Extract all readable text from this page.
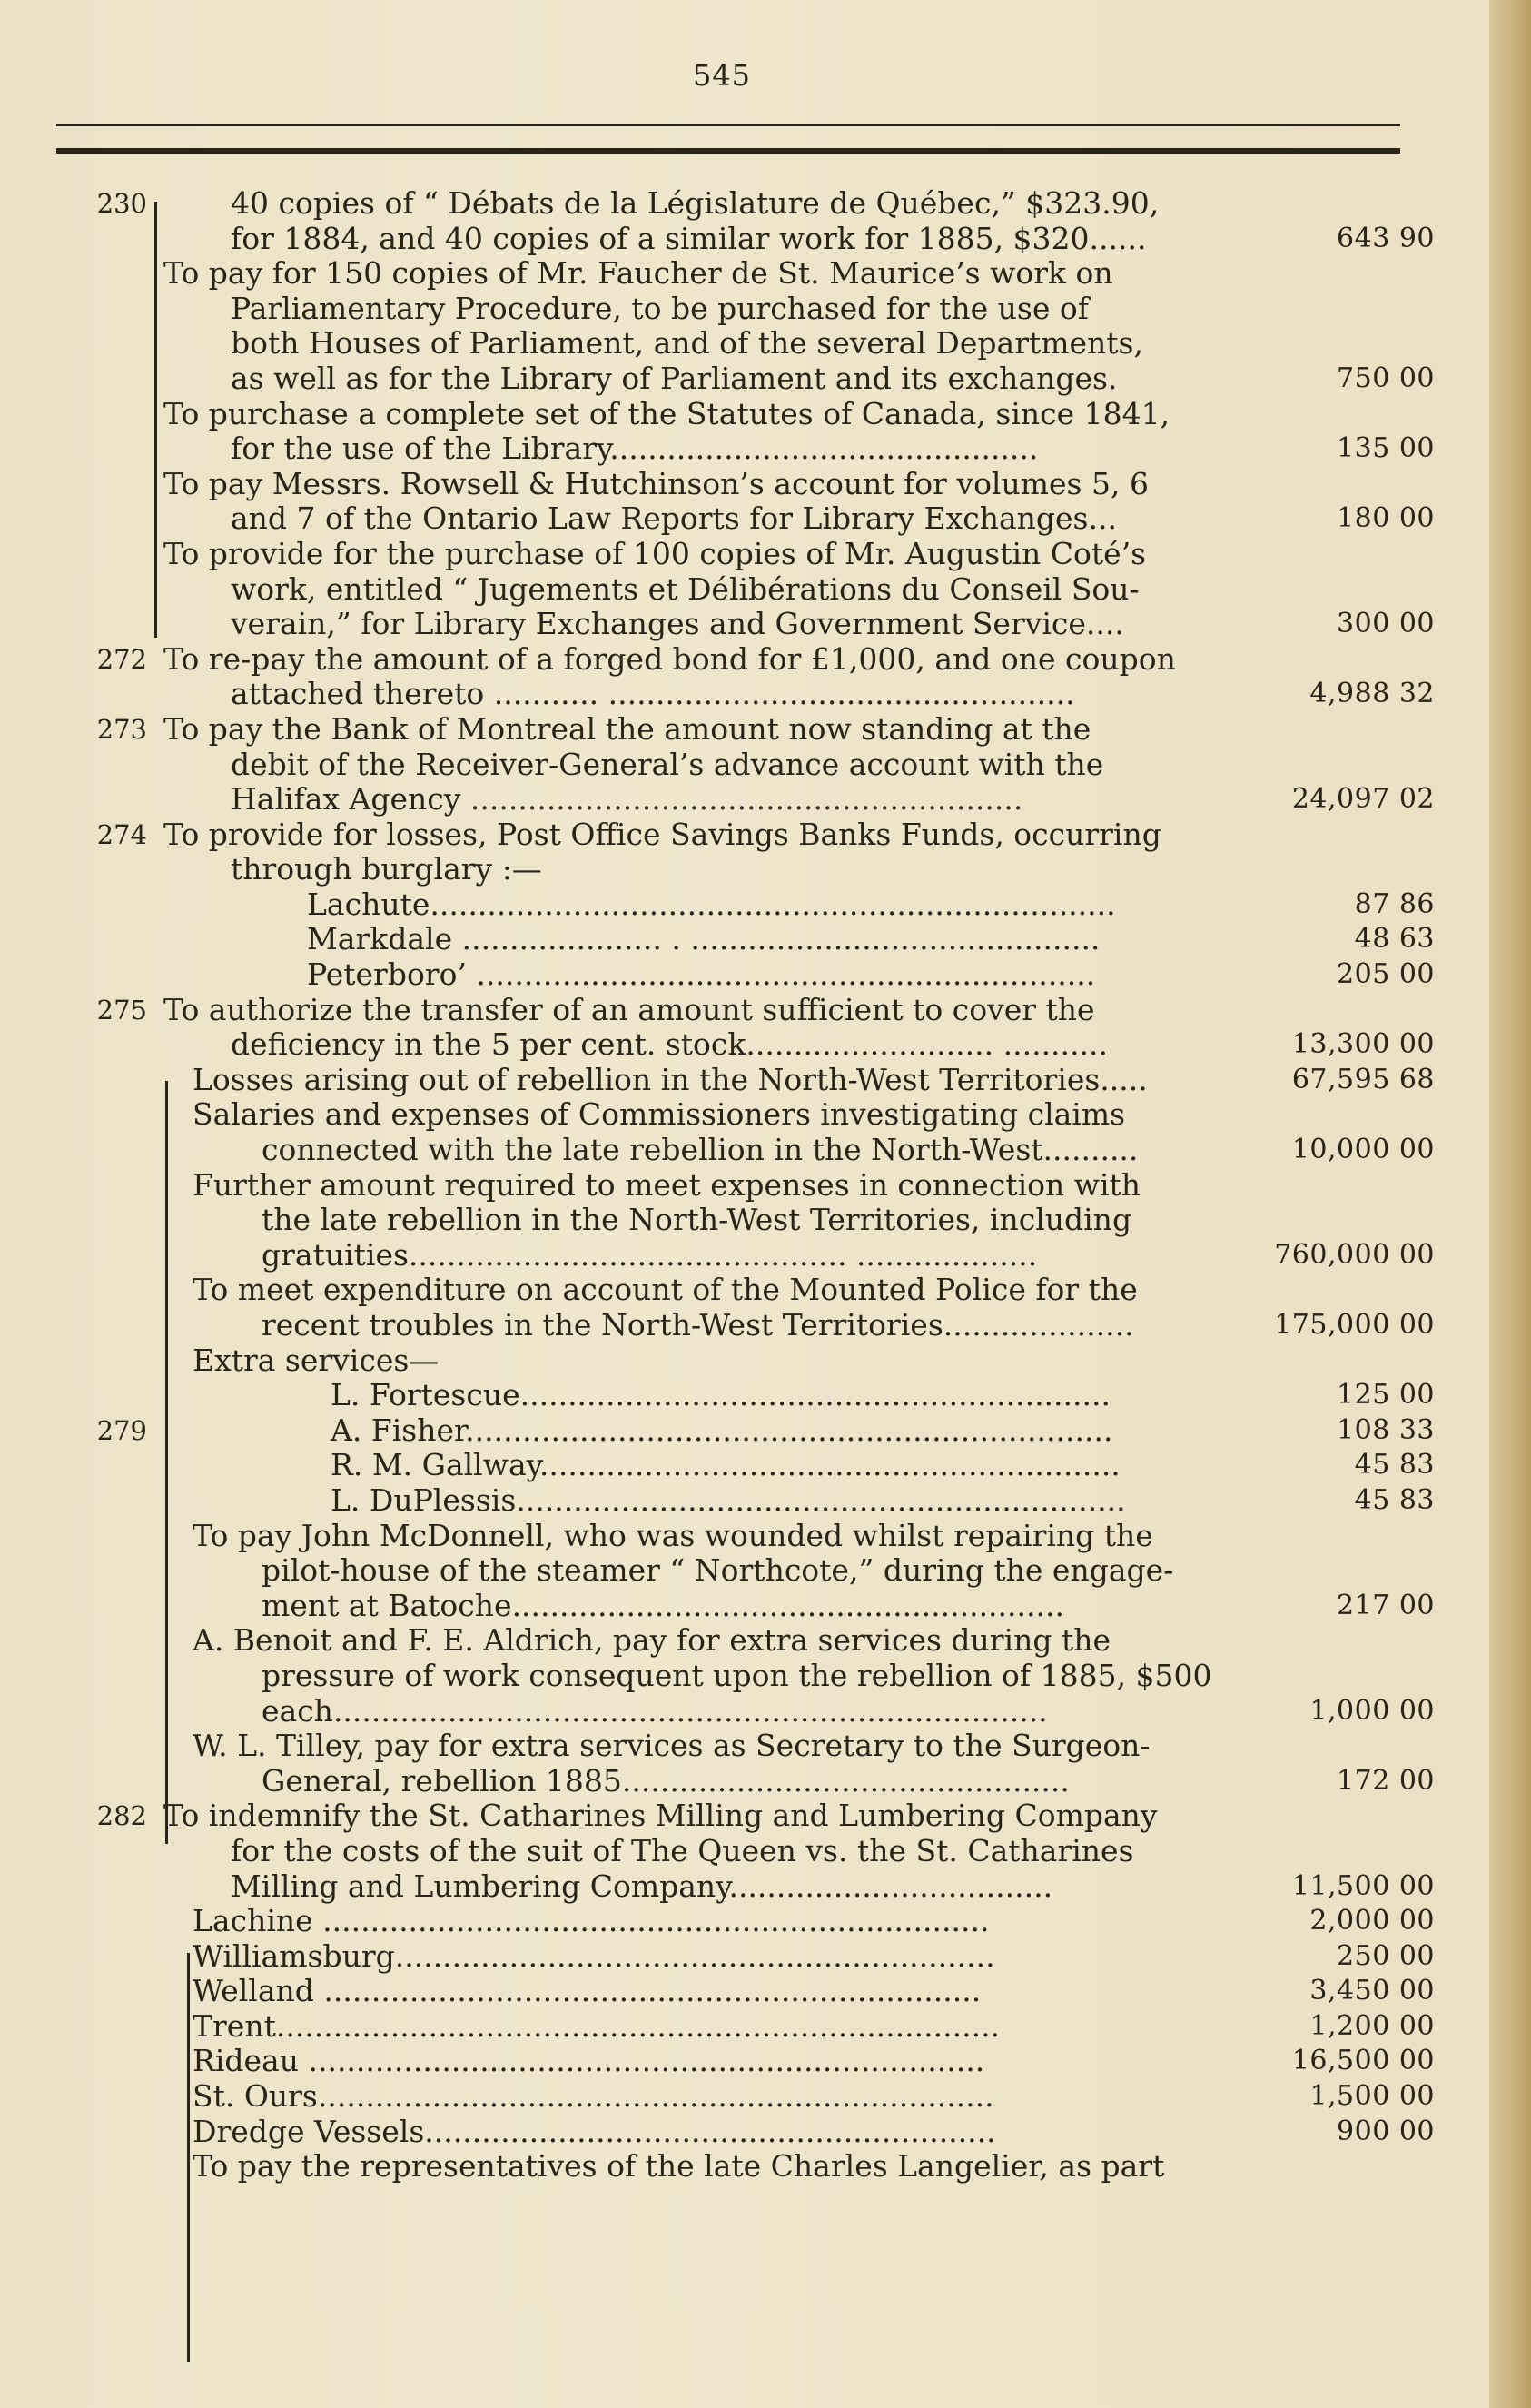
545
230	40 copies of “ Débats de la Législature de Québec,” $323.90,
for 1884, and 40 copies of a similar work for 1885, $320......	643 90
To pay for 150 copies of Mr. Faucher de St. Maurice’s work on
Parliamentary Procedure, to be purchased for the use of
both Houses of Parliament, and of the several Departments,
as well as for the Library of Parliament and its exchanges.	750 00
To purchase a complete set of the Statutes of Canada, since 1841,
for the use of the Library.............................................	135 00
To pay Messrs. Rowsell & Hutchinson’s account for volumes 5, 6
and 7 of the Ontario Law Reports for Library Exchanges...	180 00
To provide for the purchase of 100 copies of Mr. Augustin Coté’s
work, entitled “ Jugements et Délibérations du Conseil Sou-
verain,” for Library Exchanges and Government Service....	300 00
272 To re-pay the amount of a forged bond for £1,000, and one coupon
attached thereto ........... .................................................	4,988 32
273 To pay the Bank of Montreal the amount now standing at the
debit of the Receiver-General’s advance account with the
Halifax Agency ..........................................................	24,097 02
274 To provide for losses, Post Office Savings Banks Funds, occurring
through burglary :—
Lachute........................................................................	87 86
Markdale ..................... . ...........................................	48 63
Peterboro’ .................................................................	205 00
275 To authorize the transfer of an amount sufficient to cover the
deficiency in the 5 per cent. stock.......................... ...........	13,300 00
Losses arising out of rebellion in the North-West Territories.....	67,595 68
Salaries and expenses of Commissioners investigating claims
connected with the late rebellion in the North-West..........	10,000 00
Further amount required to meet expenses in connection with
the late rebellion in the North-West Territories, including
gratuities.............................................. ...................	760,000 00
To meet expenditure on account of the Mounted Police for the
recent troubles in the North-West Territories....................	175,000 00
Extra services—
L. Fortescue..............................................................	125 00
279	A. Fisher....................................................................	108 33
R. M. Gallway.............................................................	45 83
L. DuPlessis................................................................	45 83
To pay John McDonnell, who was wounded whilst repairing the
pilot-house of the steamer “ Northcote,” during the engage-
ment at Batoche..........................................................	217 00
A. Benoit and F. E. Aldrich, pay for extra services during the
pressure of work consequent upon the rebellion of 1885, $500
each...........................................................................	1,000 00
W. L. Tilley, pay for extra services as Secretary to the Surgeon-
General, rebellion 1885...............................................	172 00
282 To indemnify the St. Catharines Milling and Lumbering Company
for the costs of the suit of The Queen vs. the St. Catharines
Milling and Lumbering Company..................................	11,500 00
Lachine ......................................................................	2,000 00
Williamsburg...............................................................	250 00
Welland .....................................................................	3,450 00
Trent............................................................................	1,200 00
Rideau .......................................................................	16,500 00
St. Ours.......................................................................	1,500 00
Dredge Vessels............................................................	900 00
To pay the representatives of the late Charles Langelier, as part
